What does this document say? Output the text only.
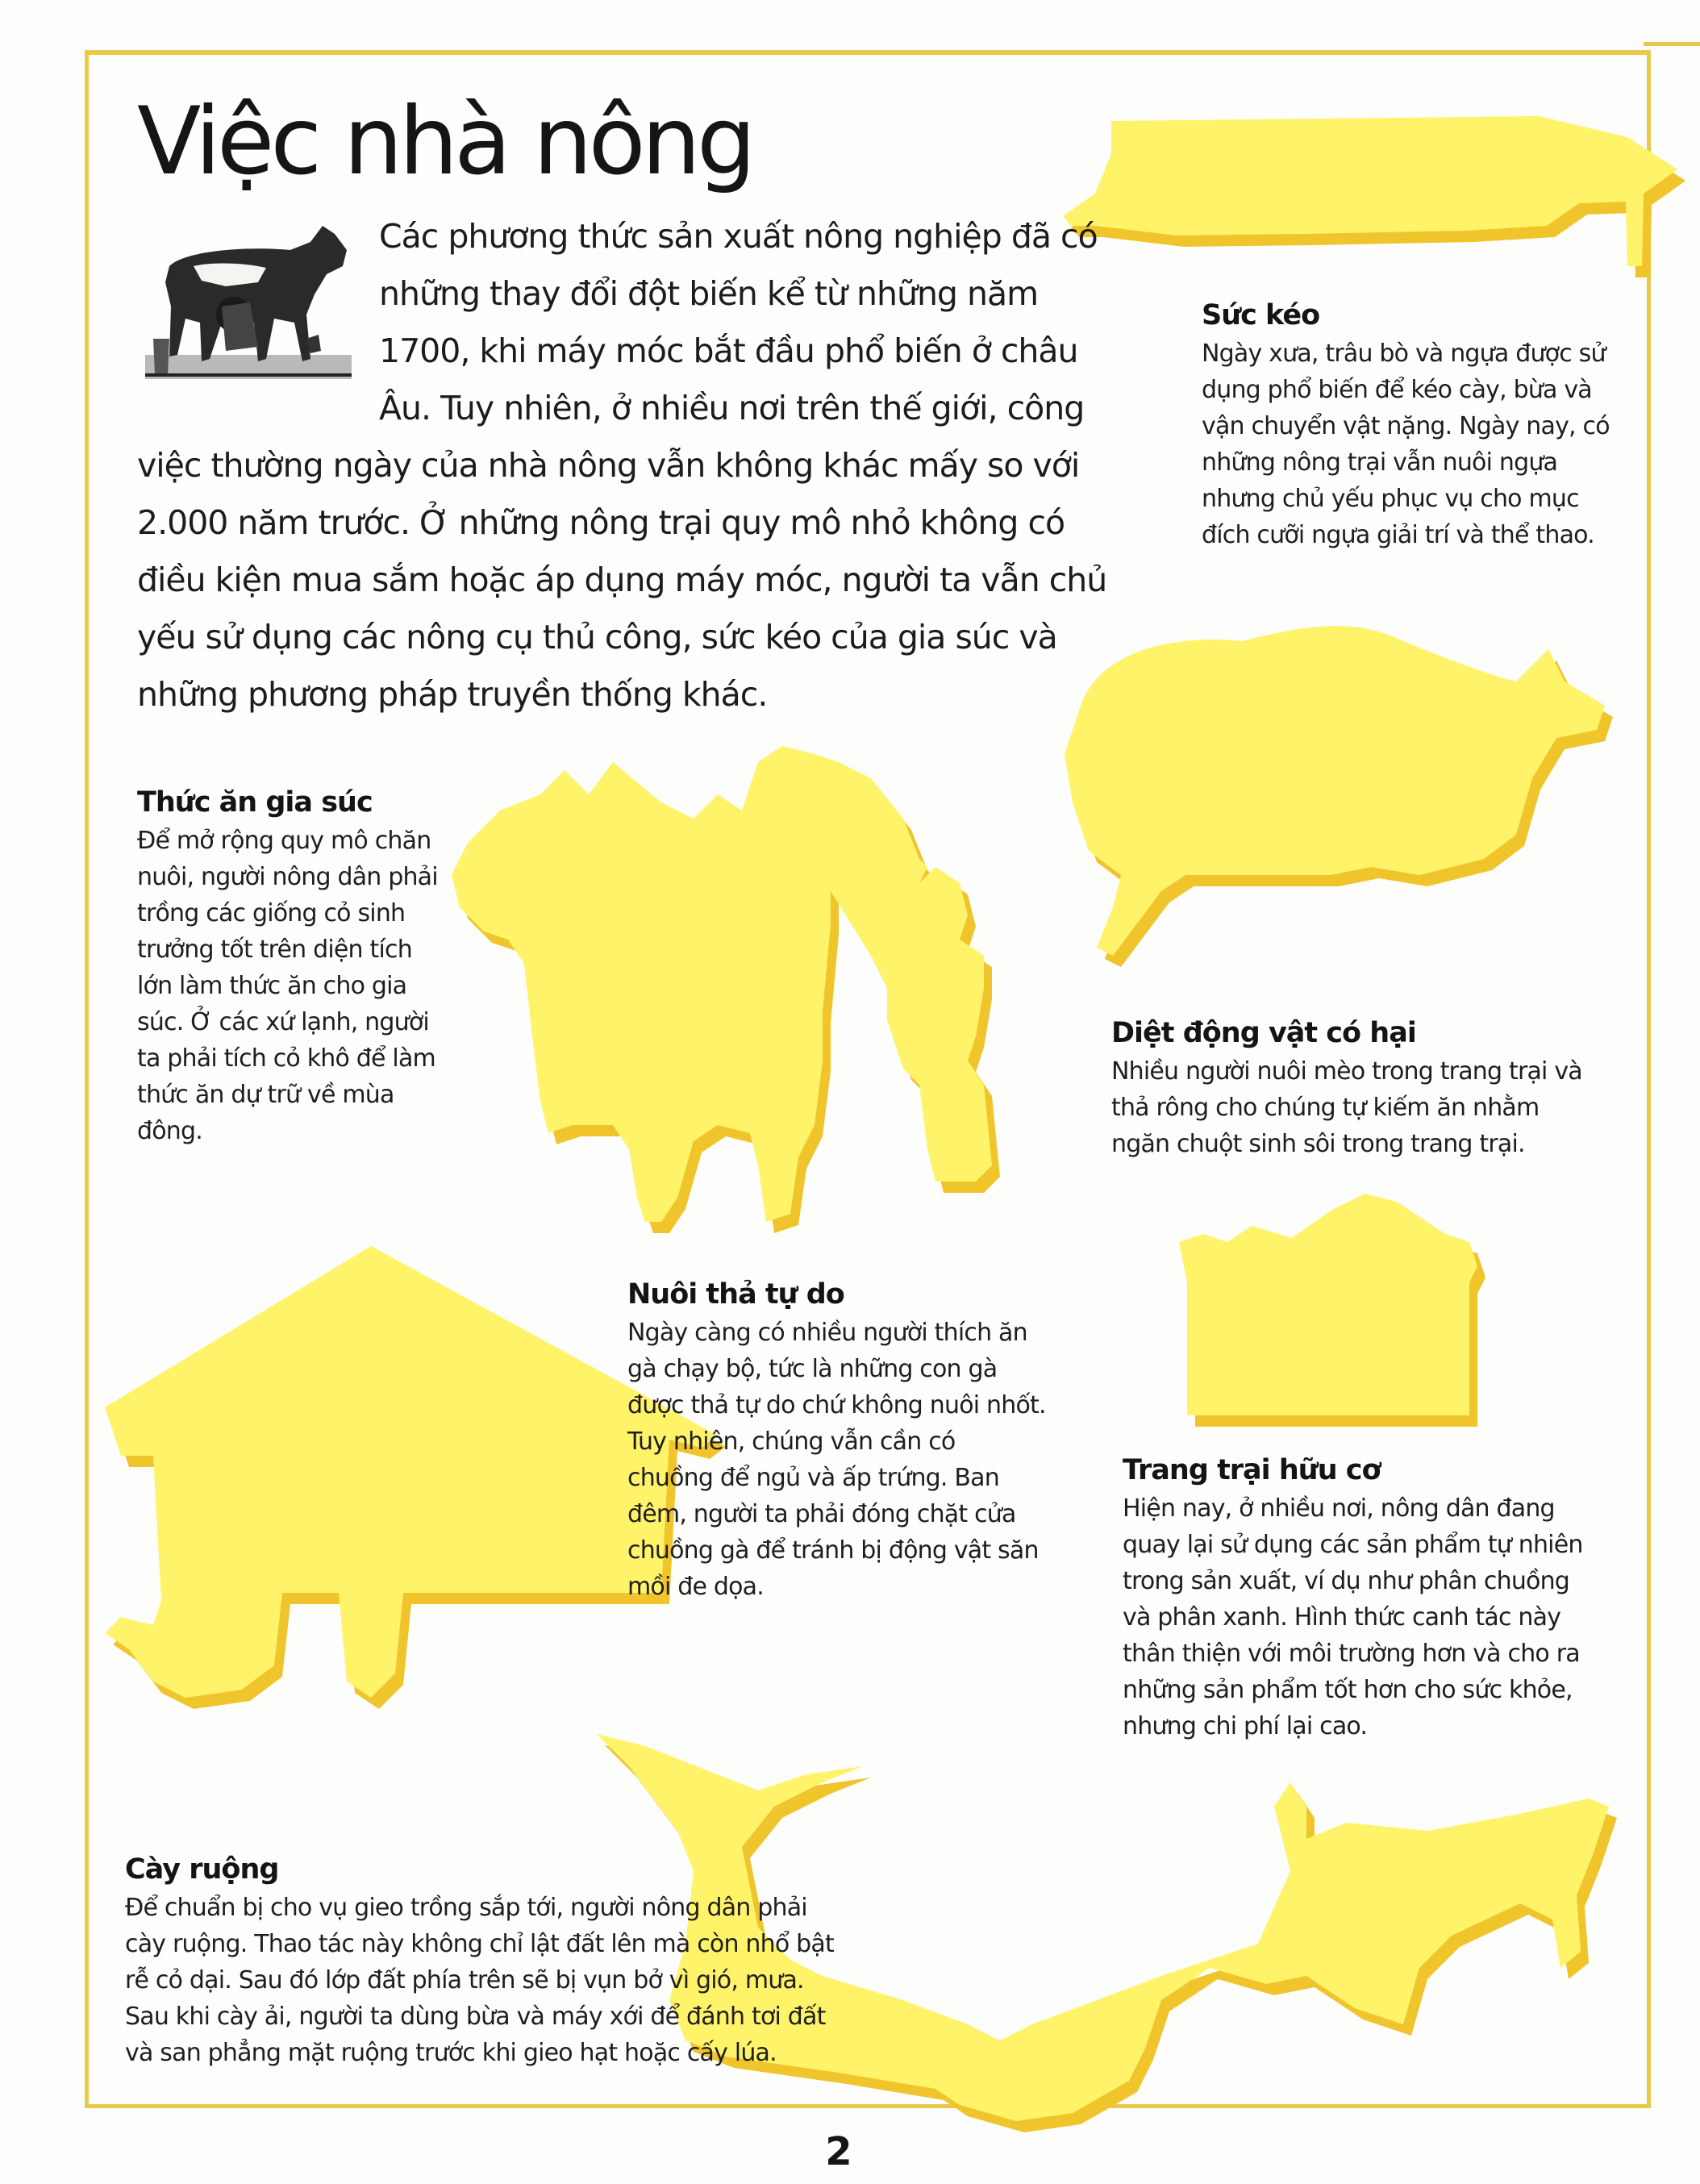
Việc nhà nông

Các phương thức sản xuất nông nghiệp đã có những thay đổi đột biến kể từ những năm 1700, khi máy móc bắt đầu phổ biến ở châu Âu. Tuy nhiên, ở nhiều nơi trên thế giới, công việc thường ngày của nhà nông vẫn không khác mấy so với 2.000 năm trước. Ở những nông trại quy mô nhỏ không có điều kiện mua sắm hoặc áp dụng máy móc, người ta vẫn chủ yếu sử dụng các nông cụ thủ công, sức kéo của gia súc và những phương pháp truyền thống khác.

Sức kéo

Ngày xưa, trâu bò và ngựa được sử dụng phổ biến để kéo cày, bừa và vận chuyển vật nặng. Ngày nay, có những nông trại vẫn nuôi ngựa nhưng chủ yếu phục vụ cho mục đích cưỡi ngựa giải trí và thể thao.

Thức ăn gia súc

Để mở rộng quy mô chăn nuôi, người nông dân phải trồng các giống cỏ sinh trưởng tốt trên diện tích lớn làm thức ăn cho gia súc. Ở các xứ lạnh, người ta phải tích cỏ khô để làm thức ăn dự trữ về mùa đông.

Diệt động vật có hại

Nhiều người nuôi mèo trong trang trại và thả rông cho chúng tự kiếm ăn nhằm ngăn chuột sinh sôi trong trang trại.

Nuôi thả tự do

Ngày càng có nhiều người thích ăn gà chạy bộ, tức là những con gà được thả tự do chứ không nuôi nhốt. Tuy nhiên, chúng vẫn cần có chuồng để ngủ và ấp trứng. Ban đêm, người ta phải đóng chặt cửa chuồng gà để tránh bị động vật săn mồi đe dọa.

Trang trại hữu cơ

Hiện nay, ở nhiều nơi, nông dân đang quay lại sử dụng các sản phẩm tự nhiên trong sản xuất, ví dụ như phân chuồng và phân xanh. Hình thức canh tác này thân thiện với môi trường hơn và cho ra những sản phẩm tốt hơn cho sức khỏe, nhưng chi phí lại cao.

Cày ruộng

Để chuẩn bị cho vụ gieo trồng sắp tới, người nông dân phải cày ruộng. Thao tác này không chỉ lật đất lên mà còn nhổ bật rễ cỏ dại. Sau đó lớp đất phía trên sẽ bị vụn bở vì gió, mưa. Sau khi cày ải, người ta dùng bừa và máy xới để đánh tơi đất và san phẳng mặt ruộng trước khi gieo hạt hoặc cấy lúa.

2
